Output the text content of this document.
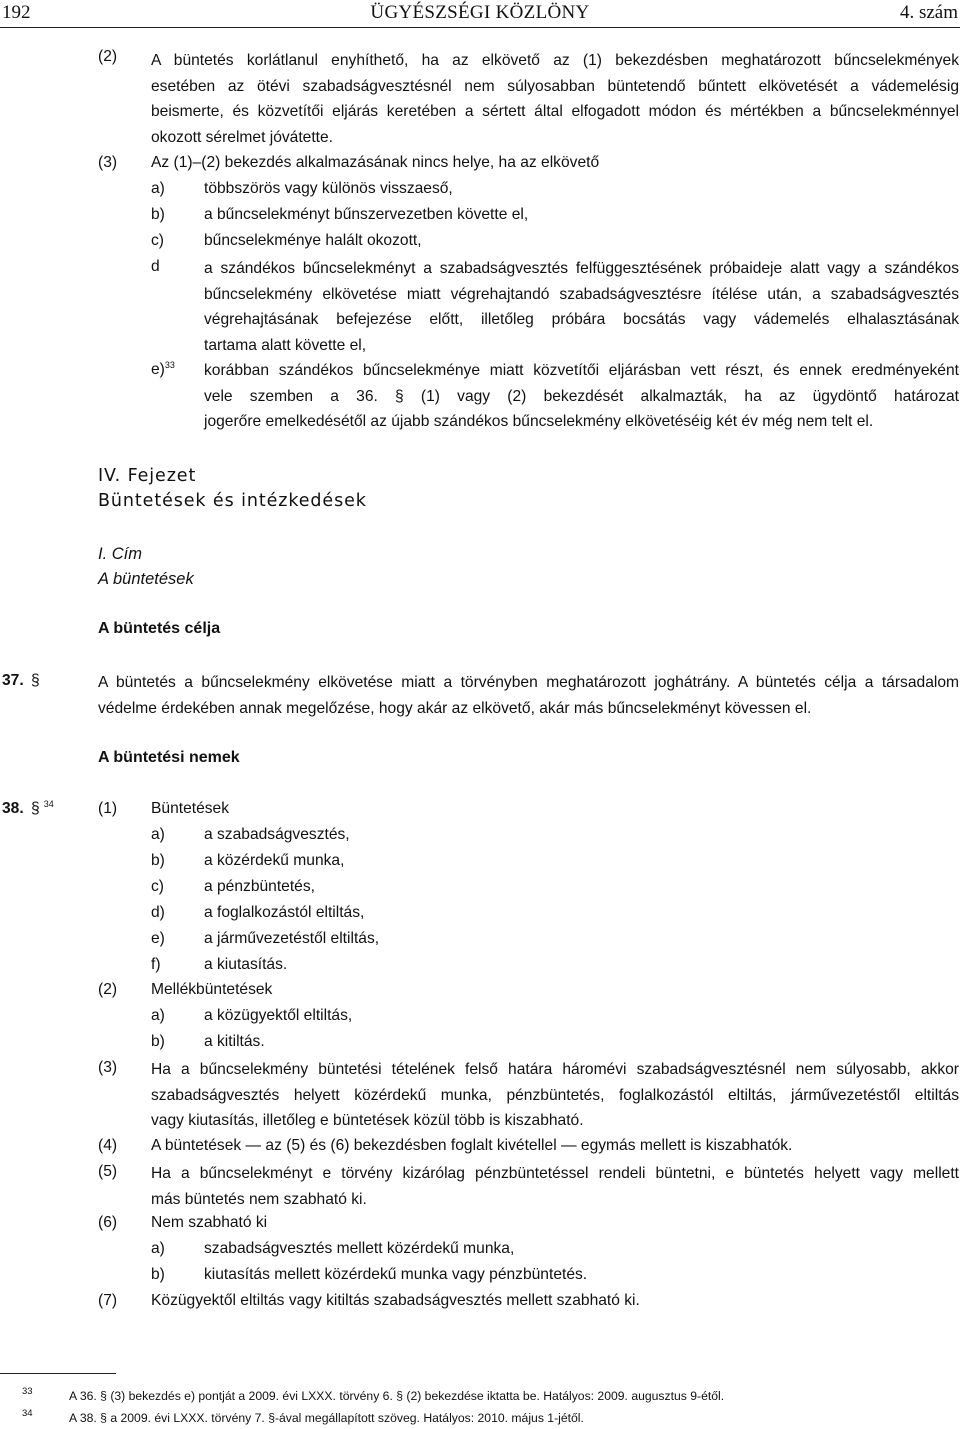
192	ÜGYÉSZSÉGI KÖZLÖNY	4. szám
(2) A büntetés korlátlanul enyhíthető, ha az elkövető az (1) bekezdésben meghatározott bűncselekmények
esetében az ötévi szabadságvesztésnél nem súlyosabban büntetendő bűntett elkövetését a vádemelésig
beismerte, és közvetítői eljárás keretében a sértett által elfogadott módon és mértékben a bűncselekménnyel
okozott sérelmet jóvátette.
(3) Az (1)–(2) bekezdés alkalmazásának nincs helye, ha az elkövető
a)	többszörös vagy különös visszaeső,
b)	a bűncselekményt bűnszervezetben követte el,
c)	bűncselekménye halált okozott,
d	a szándékos bűncselekményt a szabadságvesztés felfüggesztésének próbaideje alatt vagy a szándékos
bűncselekmény elkövetése miatt végrehajtandó szabadságvesztésre ítélése után, a szabadságvesztés
végrehajtásának befejezése előtt, illetőleg próbára bocsátás vagy vádemelés elhalasztásának
tartama alatt követte el,
e)$^{33}$ korábban szándékos bűncselekménye miatt közvetítői eljárásban vett részt, és ennek eredményeként
vele szemben a 36. § (1) vagy (2) bekezdését alkalmazták, ha az ügydöntő határozat
jogerőre emelkedésétől az újabb szándékos bűncselekmény elkövetéséig két év még nem telt el.
IV. Fejezet
Büntetések és intézkedések
I. Cím
A büntetések
A büntetés célja
37. §	A büntetés a bűncselekmény elkövetése miatt a törvényben meghatározott joghátrány. A büntetés célja a társadalom
védelme érdekében annak megelőzése, hogy akár az elkövető, akár más bűncselekményt kövessen el.
A büntetési nemek
38. § $^{34}$	(1) Büntetések
a)	a szabadságvesztés,
b)	a közérdekű munka,
c)	a pénzbüntetés,
d)	a foglalkozástól eltiltás,
e)	a járművezetéstől eltiltás,
f)	a kiutasítás.
(2) Mellékbüntetések
a)	a közügyektől eltiltás,
b)	a kitiltás.
(3) Ha a bűncselekmény büntetési tételének felső határa háromévi szabadságvesztésnél nem súlyosabb, akkor
szabadságvesztés helyett közérdekű munka, pénzbüntetés, foglalkozástól eltiltás, járművezetéstől eltiltás
vagy kiutasítás, illetőleg e büntetések közül több is kiszabható.
(4) A büntetések — az (5) és (6) bekezdésben foglalt kivétellel — egymás mellett is kiszabhatók.
(5) Ha a bűncselekményt e törvény kizárólag pénzbüntetéssel rendeli büntetni, e büntetés helyett vagy mellett
más büntetés nem szabható ki.
(6) Nem szabható ki
a)	szabadságvesztés mellett közérdekű munka,
b)	kiutasítás mellett közérdekű munka vagy pénzbüntetés.
(7) Közügyektől eltiltás vagy kitiltás szabadságvesztés mellett szabható ki.
33	A 36. § (3) bekezdés e) pontját a 2009. évi LXXX. törvény 6. § (2) bekezdése iktatta be. Hatályos: 2009. augusztus 9-étől.
34	A 38. § a 2009. évi LXXX. törvény 7. §-ával megállapított szöveg. Hatályos: 2010. május 1-jétől.
